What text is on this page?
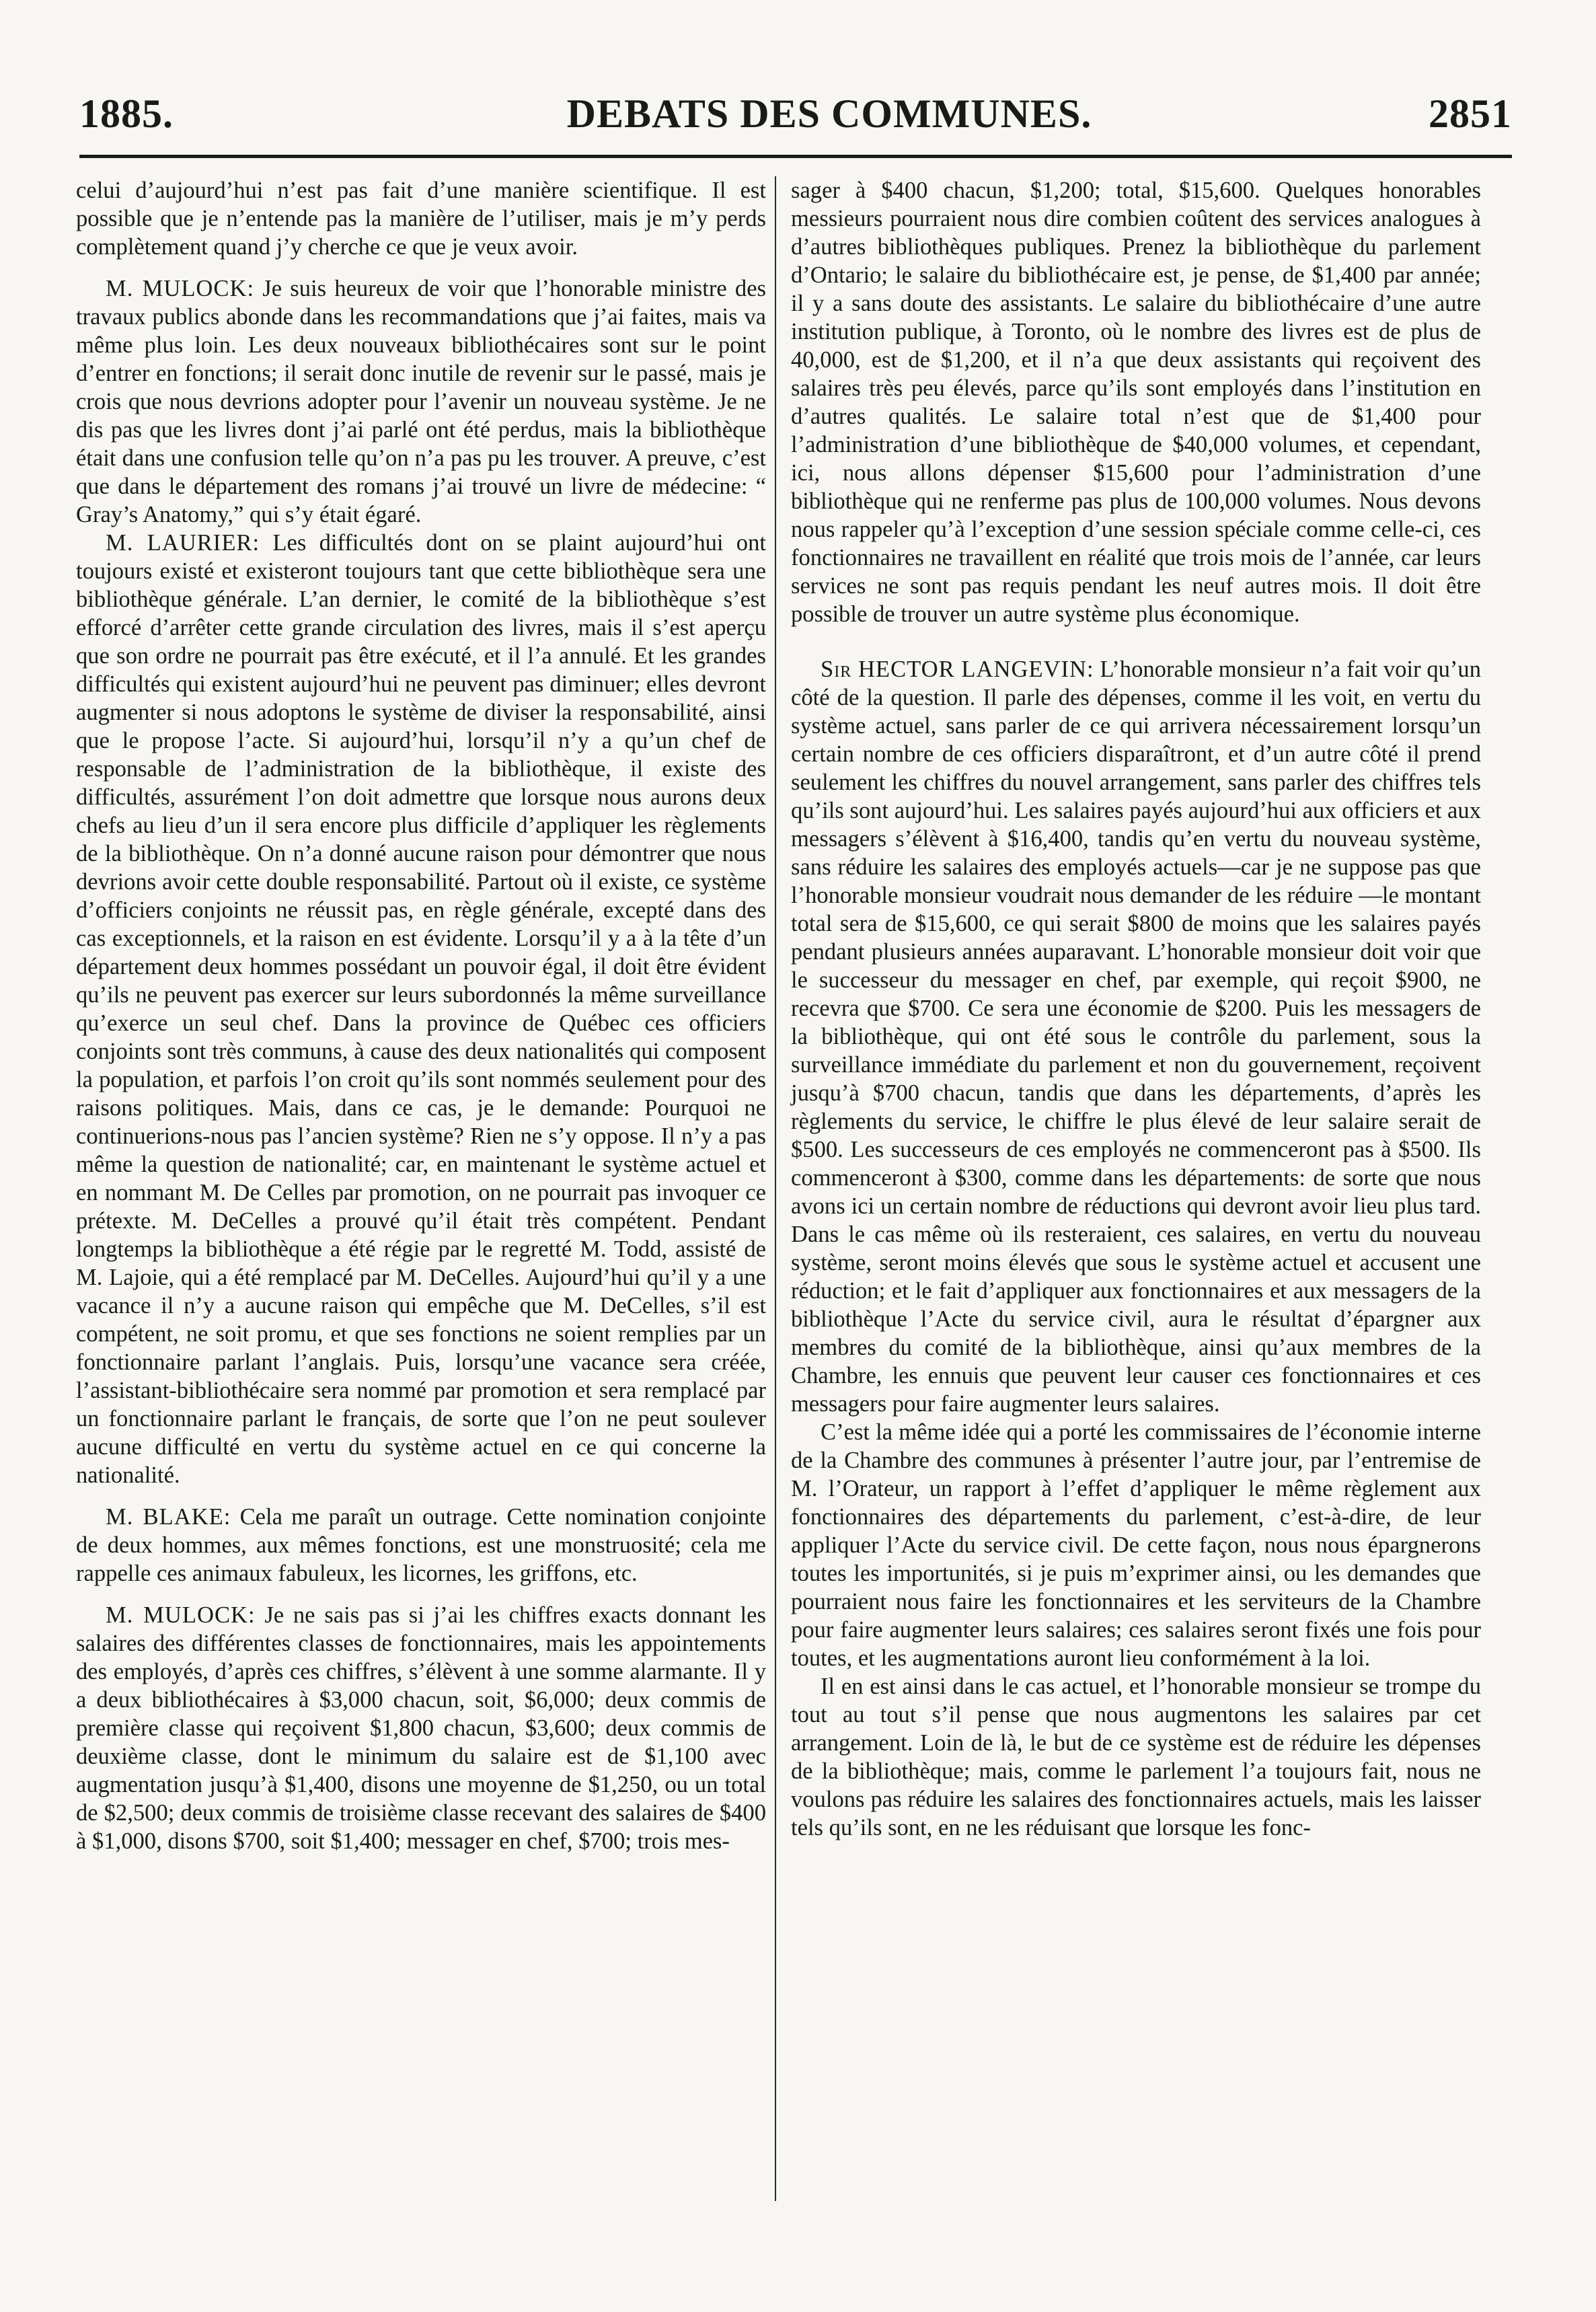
1885.	DEBATS DES COMMUNES.	2851

celui d’aujourd’hui n’est pas fait d’une manière scientifique. Il est possible que je n’entende pas la manière de l’utiliser, mais je m’y perds complètement quand j’y cherche ce que je veux avoir.

M. MULOCK: Je suis heureux de voir que l’honorable ministre des travaux publics abonde dans les recommandations que j’ai faites, mais va même plus loin. Les deux nouveaux bibliothécaires sont sur le point d’entrer en fonctions; il serait donc inutile de revenir sur le passé, mais je crois que nous devrions adopter pour l’avenir un nouveau système. Je ne dis pas que les livres dont j’ai parlé ont été perdus, mais la bibliothèque était dans une confusion telle qu’on n’a pas pu les trouver. A preuve, c’est que dans le département des romans j’ai trouvé un livre de médecine: “ Gray’s Anatomy,” qui s’y était égaré.

M. LAURIER: Les difficultés dont on se plaint aujourd’hui ont toujours existé et existeront toujours tant que cette bibliothèque sera une bibliothèque générale. L’an dernier, le comité de la bibliothèque s’est efforcé d’arrêter cette grande circulation des livres, mais il s’est aperçu que son ordre ne pourrait pas être exécuté, et il l’a annulé. Et les grandes difficultés qui existent aujourd’hui ne peuvent pas diminuer; elles devront augmenter si nous adoptons le système de diviser la responsabilité, ainsi que le propose l’acte. Si aujourd’hui, lorsqu’il n’y a qu’un chef de responsable de l’administration de la bibliothèque, il existe des difficultés, assurément l’on doit admettre que lorsque nous aurons deux chefs au lieu d’un il sera encore plus difficile d’appliquer les règlements de la bibliothèque. On n’a donné aucune raison pour démontrer que nous devrions avoir cette double responsabilité. Partout où il existe, ce système d’officiers conjoints ne réussit pas, en règle générale, excepté dans des cas exceptionnels, et la raison en est évidente. Lorsqu’il y a à la tête d’un département deux hommes possédant un pouvoir égal, il doit être évident qu’ils ne peuvent pas exercer sur leurs subordonnés la même surveillance qu’exerce un seul chef. Dans la province de Québec ces officiers conjoints sont très communs, à cause des deux nationalités qui composent la population, et parfois l’on croit qu’ils sont nommés seulement pour des raisons politiques. Mais, dans ce cas, je le demande: Pourquoi ne continuerions-nous pas l’ancien système? Rien ne s’y oppose. Il n’y a pas même la question de nationalité; car, en maintenant le système actuel et en nommant M. De Celles par promotion, on ne pourrait pas invoquer ce prétexte. M. DeCelles a prouvé qu’il était très compétent. Pendant longtemps la bibliothèque a été régie par le regretté M. Todd, assisté de M. Lajoie, qui a été remplacé par M. DeCelles. Aujourd’hui qu’il y a une vacance il n’y a aucune raison qui empêche que M. DeCelles, s’il est compétent, ne soit promu, et que ses fonctions ne soient remplies par un fonctionnaire parlant l’anglais. Puis, lorsqu’une vacance sera créée, l’assistant-bibliothécaire sera nommé par promotion et sera remplacé par un fonctionnaire parlant le français, de sorte que l’on ne peut soulever aucune difficulté en vertu du système actuel en ce qui concerne la nationalité.

M. BLAKE: Cela me paraît un outrage. Cette nomination conjointe de deux hommes, aux mêmes fonctions, est une monstruosité; cela me rappelle ces animaux fabuleux, les licornes, les griffons, etc.

M. MULOCK: Je ne sais pas si j’ai les chiffres exacts donnant les salaires des différentes classes de fonctionnaires, mais les appointements des employés, d’après ces chiffres, s’élèvent à une somme alarmante. Il y a deux bibliothécaires à $3,000 chacun, soit, $6,000; deux commis de première classe qui reçoivent $1,800 chacun, $3,600; deux commis de deuxième classe, dont le minimum du salaire est de $1,100 avec augmentation jusqu’à $1,400, disons une moyenne de $1,250, ou un total de $2,500; deux commis de troisième classe recevant des salaires de $400 à $1,000, disons $700, soit $1,400; messager en chef, $700; trois mes-

sager à $400 chacun, $1,200; total, $15,600. Quelques honorables messieurs pourraient nous dire combien coûtent des services analogues à d’autres bibliothèques publiques. Prenez la bibliothèque du parlement d’Ontario; le salaire du bibliothécaire est, je pense, de $1,400 par année; il y a sans doute des assistants. Le salaire du bibliothécaire d’une autre institution publique, à Toronto, où le nombre des livres est de plus de 40,000, est de $1,200, et il n’a que deux assistants qui reçoivent des salaires très peu élevés, parce qu’ils sont employés dans l’institution en d’autres qualités. Le salaire total n’est que de $1,400 pour l’administration d’une bibliothèque de $40,000 volumes, et cependant, ici, nous allons dépenser $15,600 pour l’administration d’une bibliothèque qui ne renferme pas plus de 100,000 volumes. Nous devons nous rappeler qu’à l’exception d’une session spéciale comme celle-ci, ces fonctionnaires ne travaillent en réalité que trois mois de l’année, car leurs services ne sont pas requis pendant les neuf autres mois. Il doit être possible de trouver un autre système plus économique.

Sir HECTOR LANGEVIN: L’honorable monsieur n’a fait voir qu’un côté de la question. Il parle des dépenses, comme il les voit, en vertu du système actuel, sans parler de ce qui arrivera nécessairement lorsqu’un certain nombre de ces officiers disparaîtront, et d’un autre côté il prend seulement les chiffres du nouvel arrangement, sans parler des chiffres tels qu’ils sont aujourd’hui. Les salaires payés aujourd’hui aux officiers et aux messagers s’élèvent à $16,400, tandis qu’en vertu du nouveau système, sans réduire les salaires des employés actuels—car je ne suppose pas que l’honorable monsieur voudrait nous demander de les réduire —le montant total sera de $15,600, ce qui serait $800 de moins que les salaires payés pendant plusieurs années auparavant. L’honorable monsieur doit voir que le successeur du messager en chef, par exemple, qui reçoit $900, ne recevra que $700. Ce sera une économie de $200. Puis les messagers de la bibliothèque, qui ont été sous le contrôle du parlement, sous la surveillance immédiate du parlement et non du gouvernement, reçoivent jusqu’à $700 chacun, tandis que dans les départements, d’après les règlements du service, le chiffre le plus élevé de leur salaire serait de $500. Les successeurs de ces employés ne commenceront pas à $500. Ils commenceront à $300, comme dans les départements: de sorte que nous avons ici un certain nombre de réductions qui devront avoir lieu plus tard. Dans le cas même où ils resteraient, ces salaires, en vertu du nouveau système, seront moins élevés que sous le système actuel et accusent une réduction; et le fait d’appliquer aux fonctionnaires et aux messagers de la bibliothèque l’Acte du service civil, aura le résultat d’épargner aux membres du comité de la bibliothèque, ainsi qu’aux membres de la Chambre, les ennuis que peuvent leur causer ces fonctionnaires et ces messagers pour faire augmenter leurs salaires.

C’est la même idée qui a porté les commissaires de l’économie interne de la Chambre des communes à présenter l’autre jour, par l’entremise de M. l’Orateur, un rapport à l’effet d’appliquer le même règlement aux fonctionnaires des départements du parlement, c’est-à-dire, de leur appliquer l’Acte du service civil. De cette façon, nous nous épargnerons toutes les importunités, si je puis m’exprimer ainsi, ou les demandes que pourraient nous faire les fonctionnaires et les serviteurs de la Chambre pour faire augmenter leurs salaires; ces salaires seront fixés une fois pour toutes, et les augmentations auront lieu conformément à la loi.

Il en est ainsi dans le cas actuel, et l’honorable monsieur se trompe du tout au tout s’il pense que nous augmentons les salaires par cet arrangement. Loin de là, le but de ce système est de réduire les dépenses de la bibliothèque; mais, comme le parlement l’a toujours fait, nous ne voulons pas réduire les salaires des fonctionnaires actuels, mais les laisser tels qu’ils sont, en ne les réduisant que lorsque les fonc-
